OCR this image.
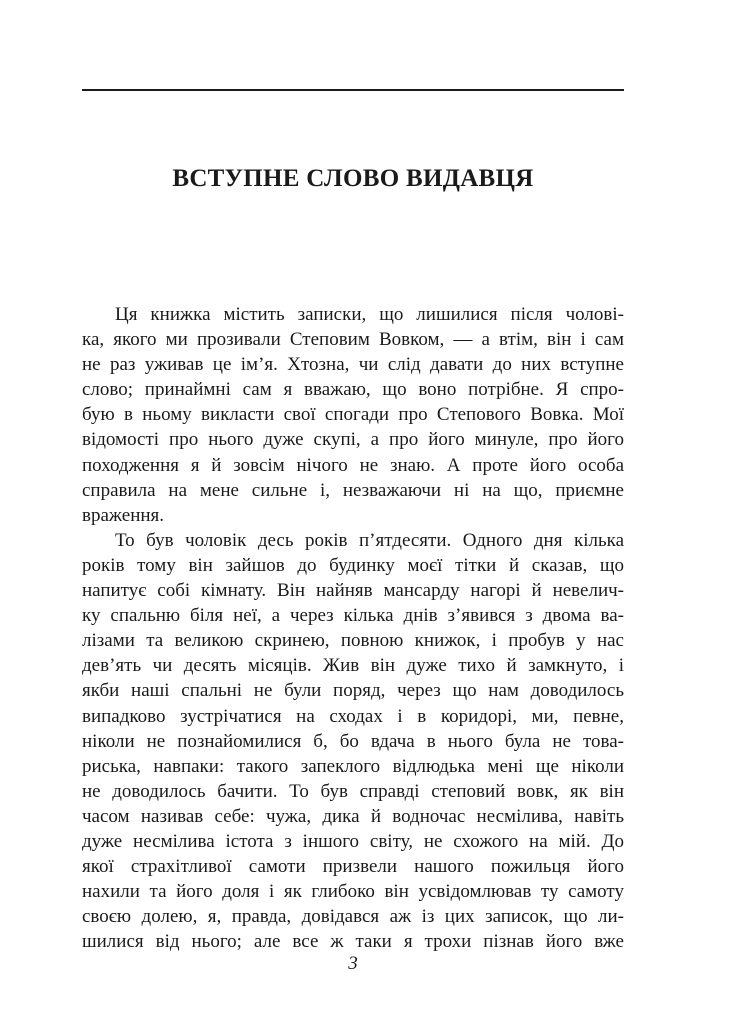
ВСТУПНЕ СЛОВО ВИДАВЦЯ
Ця книжка містить записки, що лишилися після чолові-
ка, якого ми прозивали Степовим Вовком, — а втім, він і сам
не раз уживав це ім’я. Хтозна, чи слід давати до них вступне
слово; принаймні сам я вважаю, що воно потрібне. Я спро-
бую в ньому викласти свої спогади про Степового Вовка. Мої
відомості про нього дуже скупі, а про його минуле, про його
походження я й зовсім нічого не знаю. А проте його особа
справила на мене сильне і, незважаючи ні на що, приємне
враження.
То був чоловік десь років п’ятдесяти. Одного дня кілька
років тому він зайшов до будинку моєї тітки й сказав, що
напитує собі кімнату. Він найняв мансарду нагорі й невелич-
ку спальню біля неї, а через кілька днів з’явився з двома ва-
лізами та великою скринею, повною книжок, і пробув у нас
дев’ять чи десять місяців. Жив він дуже тихо й замкнуто, і
якби наші спальні не були поряд, через що нам доводилось
випадково зустрічатися на сходах і в коридорі, ми, певне,
ніколи не познайомилися б, бо вдача в нього була не това-
риська, навпаки: такого запеклого відлюдька мені ще ніколи
не доводилось бачити. То був справді степовий вовк, як він
часом називав себе: чужа, дика й водночас несмілива, навіть
дуже несмілива істота з іншого світу, не схожого на мій. До
якої страхітливої самоти призвели нашого пожильця його
нахили та його доля і як глибоко він усвідомлював ту самоту
своєю долею, я, правда, довідався аж із цих записок, що ли-
шилися від нього; але все ж таки я трохи пізнав його вже
3
